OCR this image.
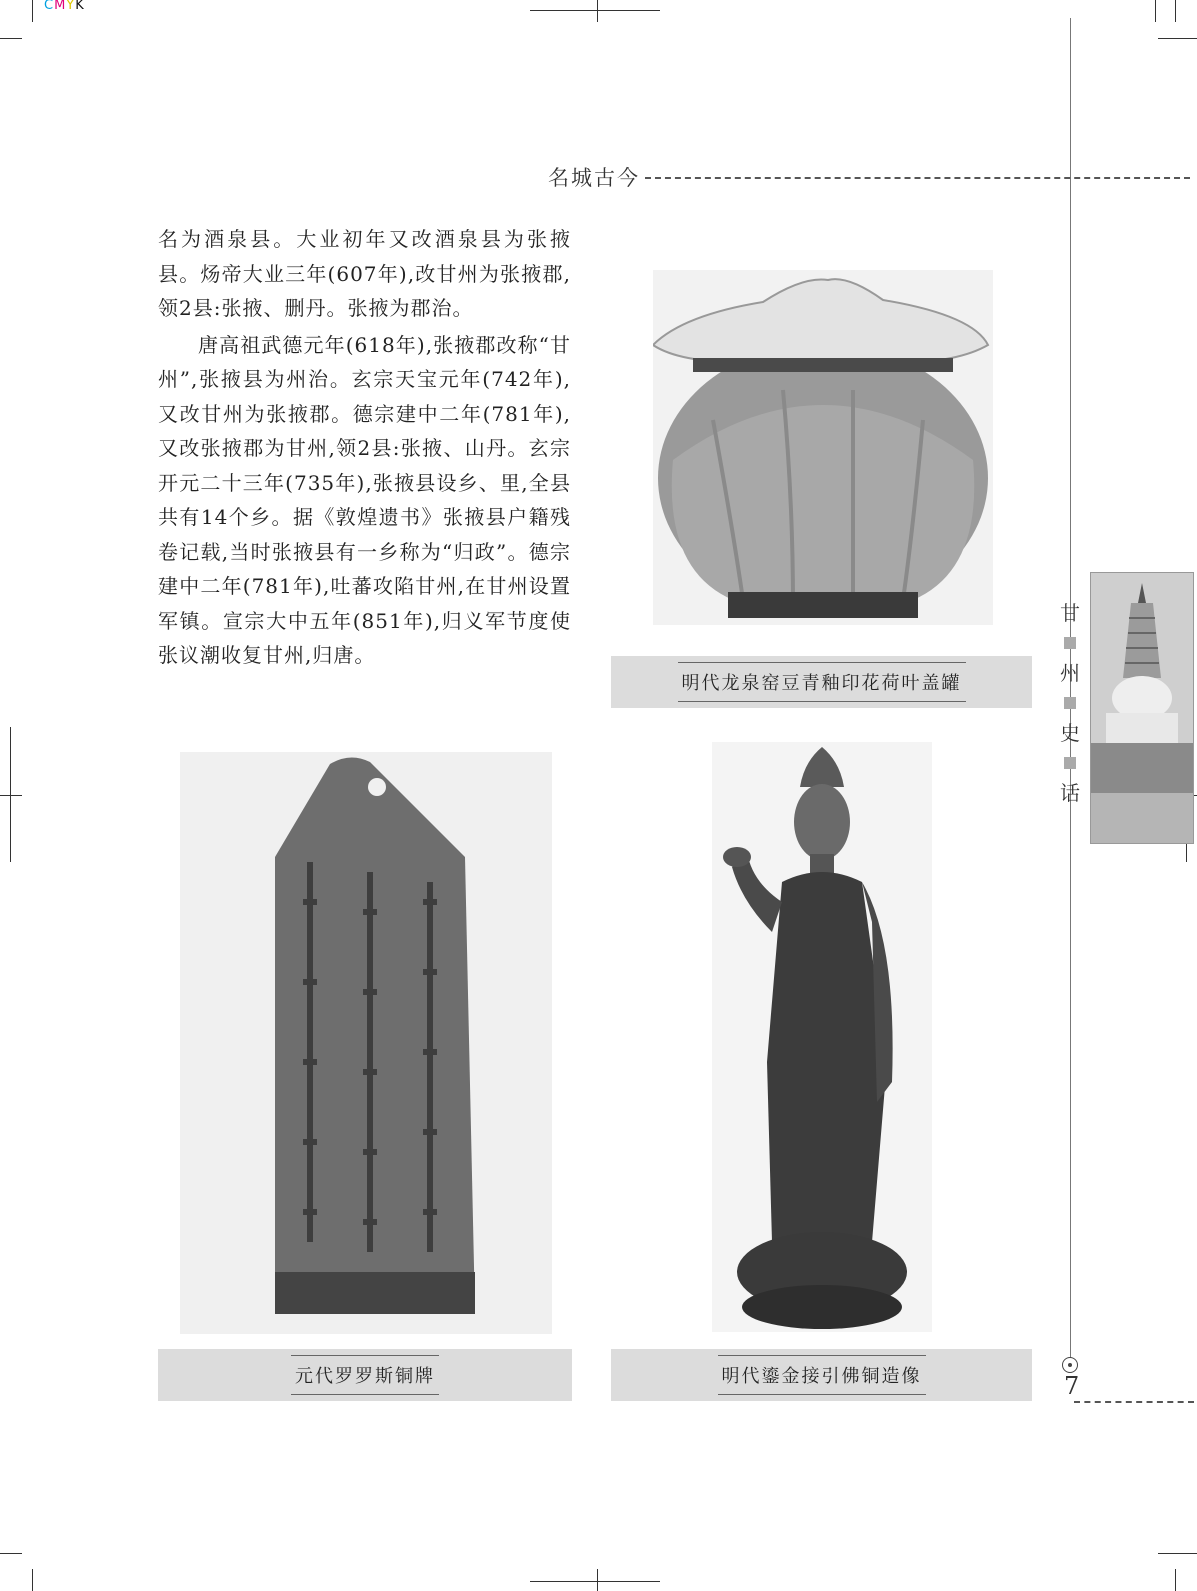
CMYK
名城古今

名为酒泉县。大业初年又改酒泉县为张掖县。炀帝大业三年(607年),改甘州为张掖郡,领2县:张掖、删丹。张掖为郡治。

唐高祖武德元年(618年),张掖郡改称“甘州”,张掖县为州治。玄宗天宝元年(742年),又改甘州为张掖郡。德宗建中二年(781年),又改张掖郡为甘州,领2县:张掖、山丹。玄宗开元二十三年(735年),张掖县设乡、里,全县共有14个乡。据《敦煌遗书》张掖县户籍残卷记载,当时张掖县有一乡称为“归政”。德宗建中二年(781年),吐蕃攻陷甘州,在甘州设置军镇。宣宗大中五年(851年),归义军节度使张议潮收复甘州,归唐。

明代龙泉窑豆青釉印花荷叶盖罐
元代罗罗斯铜牌	明代鎏金接引佛铜造像
甘
州
史
话
7
